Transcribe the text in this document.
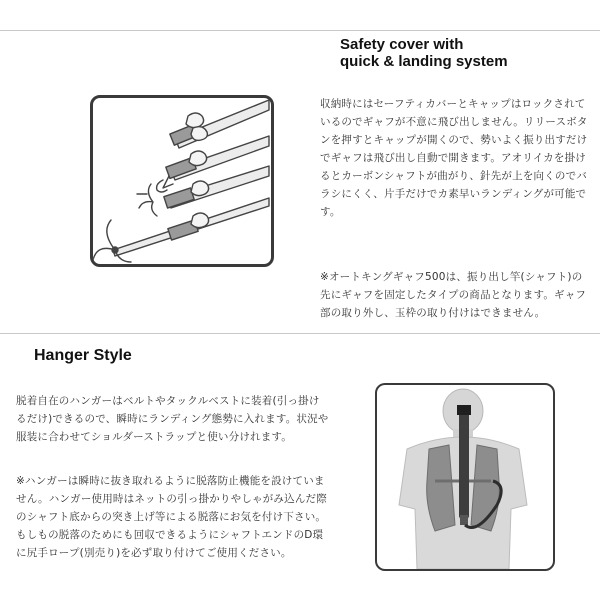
Safety cover with
quick & landing system

収納時にはセーフティカバーとキャップはロックされているのでギャフが不意に飛び出しません。リリースボタンを押すとキャップが開くので、勢いよく振り出すだけでギャフは飛び出し自動で開きます。アオリイカを掛けるとカーボンシャフトが曲がり、針先が上を向くのでバラシにくく、片手だけでカ素早いランディングが可能です。

※オートキングギャフ500は、振り出し竿(シャフト)の先にギャフを固定したタイプの商品となります。ギャフ部の取り外し、玉枠の取り付けはできません。

Hanger Style

脱着自在のハンガーはベルトやタックルベストに装着(引っ掛けるだけ)できるので、瞬時にランディング態勢に入れます。状況や服装に合わせてショルダーストラップと使い分けれます。

※ハンガーは瞬時に抜き取れるように脱落防止機能を設けていません。ハンガー使用時はネットの引っ掛かりやしゃがみ込んだ際のシャフト底からの突き上げ等による脱落にお気を付け下さい。もしもの脱落のためにも回収できるようにシャフトエンドのD環に尻手ロープ(別売り)を必ず取り付けてご使用ください。
